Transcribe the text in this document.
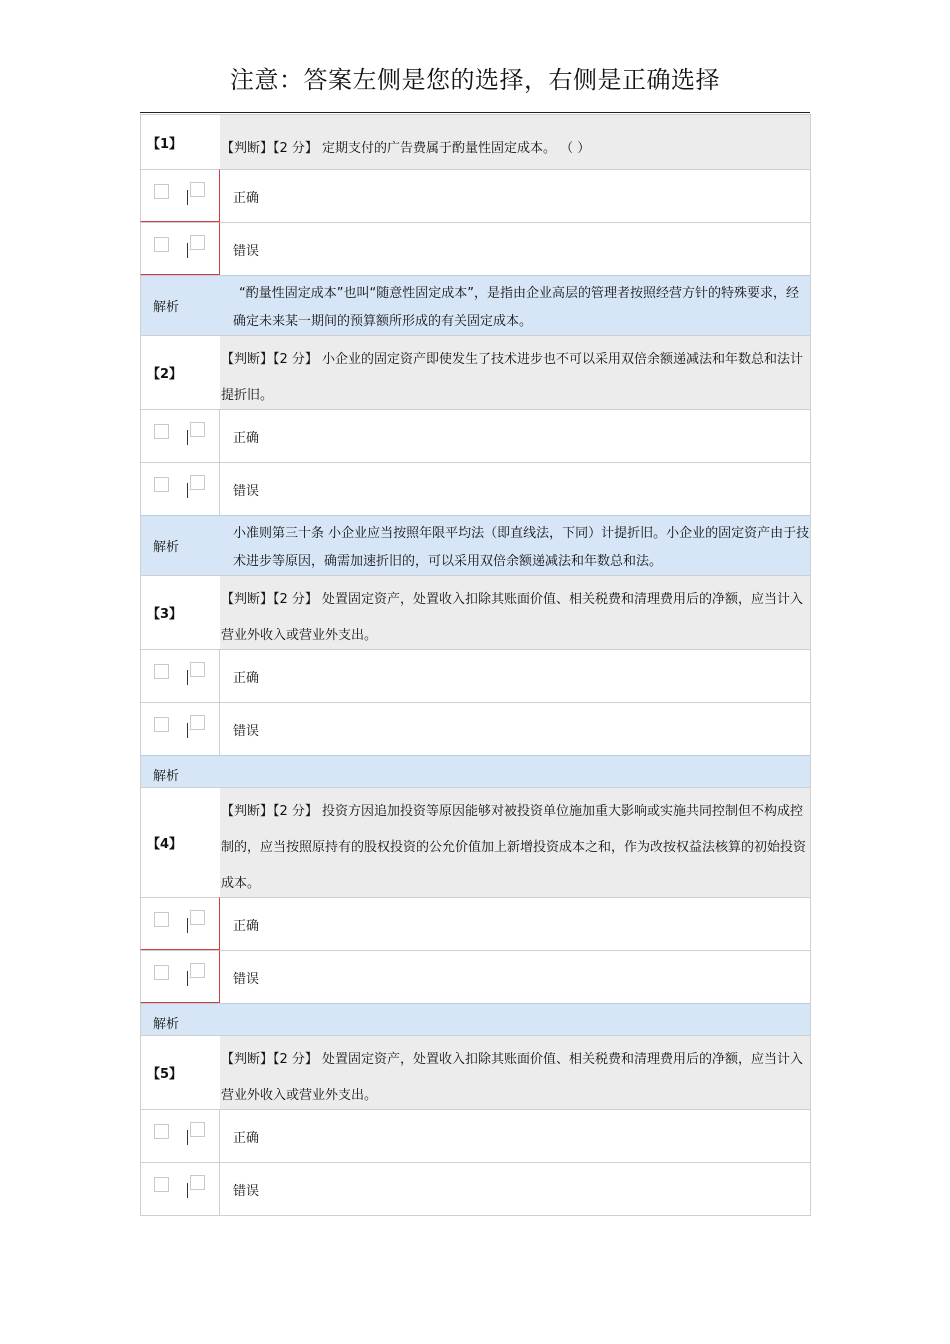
注意：答案左侧是您的选择，右侧是正确选择
【1】	【判断】【2 分】 定期支付的广告费属于酌量性固定成本。 （ ）
正确
错误
解析
“酌量性固定成本”也叫“随意性固定成本”，是指由企业高层的管理者按照经营方针的特殊要求，经确定未来某一期间的预算额所形成的有关固定成本。
【2】
【判断】【2 分】 小企业的固定资产即使发生了技术进步也不可以采用双倍余额递减法和年数总和法计提折旧。
正确
错误
解析
小准则第三十条 小企业应当按照年限平均法（即直线法，下同）计提折旧。小企业的固定资产由于技术进步等原因，确需加速折旧的，可以采用双倍余额递减法和年数总和法。
【3】
【判断】【2 分】 处置固定资产，处置收入扣除其账面价值、相关税费和清理费用后的净额，应当计入营业外收入或营业外支出。
正确
错误
解析
【4】
【判断】【2 分】 投资方因追加投资等原因能够对被投资单位施加重大影响或实施共同控制但不构成控制的，应当按照原持有的股权投资的公允价值加上新增投资成本之和，作为改按权益法核算的初始投资成本。
正确
错误
解析
【5】
【判断】【2 分】 处置固定资产，处置收入扣除其账面价值、相关税费和清理费用后的净额，应当计入营业外收入或营业外支出。
正确
错误
